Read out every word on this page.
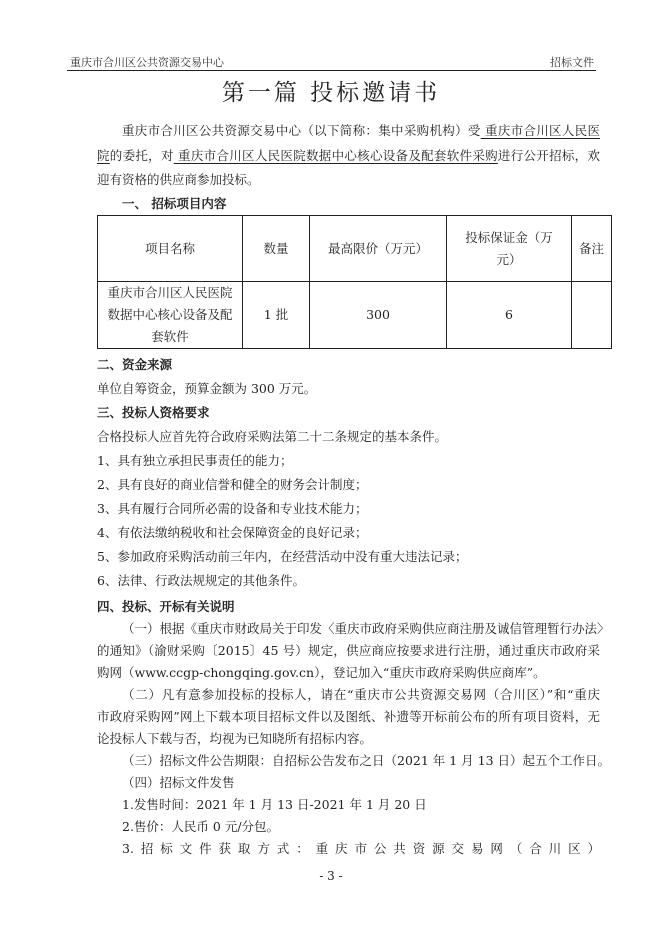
重庆市合川区公共资源交易中心	招标文件
第一篇 投标邀请书
重庆市合川区公共资源交易中心（以下简称：集中采购机构）受 重庆市合川区人民医
院的委托，对 重庆市合川区人民医院数据中心核心设备及配套软件采购进行公开招标，欢
迎有资格的供应商参加投标。
一、 招标项目内容
项目名称	数量	最高限价（万元）	投标保证金（万元）	备注
重庆市合川区人民医院数据中心核心设备及配套软件	1 批	300	6	
二、资金来源
单位自筹资金，预算金额为 300 万元。
三、投标人资格要求
合格投标人应首先符合政府采购法第二十二条规定的基本条件。
1、具有独立承担民事责任的能力；
2、具有良好的商业信誉和健全的财务会计制度；
3、具有履行合同所必需的设备和专业技术能力；
4、有依法缴纳税收和社会保障资金的良好记录；
5、参加政府采购活动前三年内，在经营活动中没有重大违法记录；
6、法律、行政法规规定的其他条件。
四、投标、开标有关说明
（一）根据《重庆市财政局关于印发〈重庆市政府采购供应商注册及诚信管理暂行办法〉
的通知》（渝财采购〔2015〕45 号）规定，供应商应按要求进行注册，通过重庆市政府采
购网（www.ccgp-chongqing.gov.cn），登记加入“重庆市政府采购供应商库”。
（二）凡有意参加投标的投标人，请在“重庆市公共资源交易网（合川区）”和“重庆
市政府采购网”网上下载本项目招标文件以及图纸、补遗等开标前公布的所有项目资料，无
论投标人下载与否，均视为已知晓所有招标内容。
（三）招标文件公告期限：自招标公告发布之日（2021 年 1 月 13 日）起五个工作日。
（四）招标文件发售
1.发售时间：2021 年 1 月 13 日-2021 年 1 月 20 日
2.售价：人民币 0 元/分包。
3.招标文件获取方式：重庆市公共资源交易网（合川区）
- 3 -
